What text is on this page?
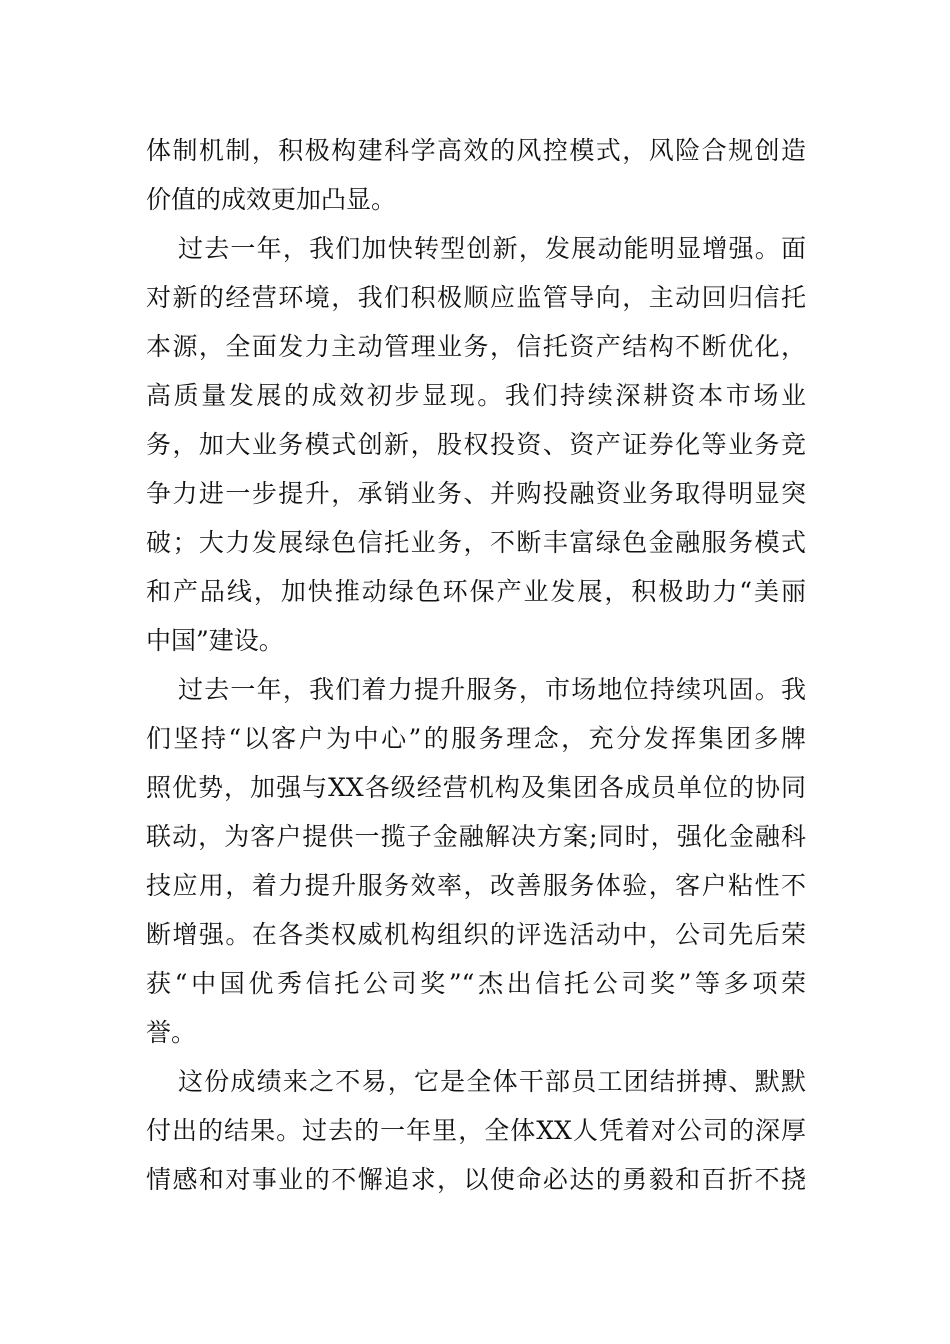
体制机制，积极构建科学高效的风控模式，风险合规创造
价值的成效更加凸显。
过去一年，我们加快转型创新，发展动能明显增强。面
对新的经营环境，我们积极顺应监管导向，主动回归信托
本源，全面发力主动管理业务，信托资产结构不断优化，
高质量发展的成效初步显现。我们持续深耕资本市场业
务，加大业务模式创新，股权投资、资产证券化等业务竞
争力进一步提升，承销业务、并购投融资业务取得明显突
破；大力发展绿色信托业务，不断丰富绿色金融服务模式
和产品线，加快推动绿色环保产业发展，积极助力“美丽
中国”建设。
过去一年，我们着力提升服务，市场地位持续巩固。我
们坚持“以客户为中心”的服务理念，充分发挥集团多牌
照优势，加强与XX各级经营机构及集团各成员单位的协同
联动，为客户提供一揽子金融解决方案;同时，强化金融科
技应用，着力提升服务效率，改善服务体验，客户粘性不
断增强。在各类权威机构组织的评选活动中，公司先后荣
获“中国优秀信托公司奖”“杰出信托公司奖”等多项荣
誉。
这份成绩来之不易，它是全体干部员工团结拼搏、默默
付出的结果。过去的一年里，全体XX人凭着对公司的深厚
情感和对事业的不懈追求，以使命必达的勇毅和百折不挠
